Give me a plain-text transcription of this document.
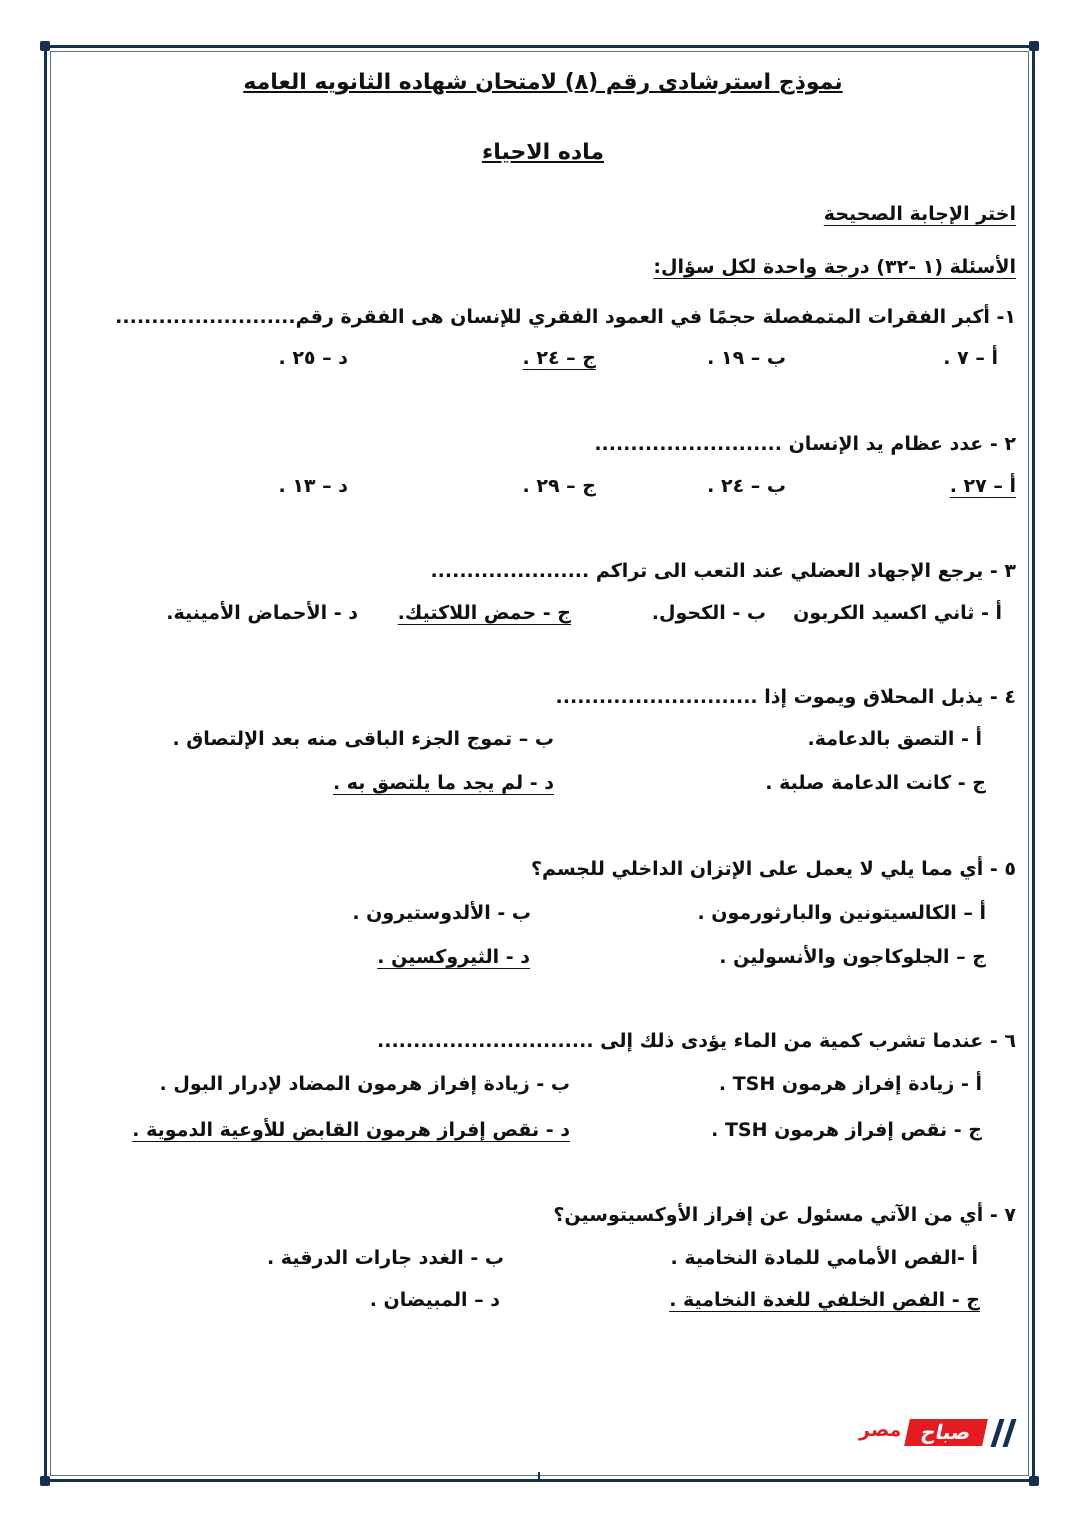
نموذج استرشادى رقم (٨) لامتحان شهاده الثانويه العامه
ماده الاحياء
اختر الإجابة الصحيحة
الأسئلة (١ -٣٢) درجة واحدة لكل سؤال:
١- أكبر الفقرات المتمفصلة حجمًا في العمود الفقري للإنسان هى الفقرة رقم.........................
أ – ٧ .
ب – ١٩ .
ج – ٢٤ .
د – ٢٥ .
٢ - عدد عظام يد الإنسان ..........................
أ – ٢٧ .
ب – ٢٤ .
ج – ٢٩ .
د – ١٣ .
٣ - يرجع الإجهاد العضلي عند التعب الى تراكم ......................
أ - ثاني اكسيد الكربون
ب - الكحول.
ج - حمض اللاكتيك.
د - الأحماض الأمينية.
٤ - يذبل المحلاق ويموت إذا ............................
أ - التصق بالدعامة.
ب – تموج الجزء الباقى منه بعد الإلتصاق .
ج - كانت الدعامة صلبة .
د - لم يجد ما يلتصق به .
٥ - أي مما يلي لا يعمل على الإتزان الداخلي للجسم؟
أ – الكالسيتونين والبارثورمون .
ب - الألدوستيرون .
ج – الجلوكاجون والأنسولين .
د - الثيروكسين .
٦ - عندما تشرب كمية من الماء يؤدى ذلك إلى ..............................
أ - زيادة إفراز هرمون TSH .
ب - زيادة إفراز هرمون المضاد لإدرار البول .
ج - نقص إفراز هرمون TSH .
د - نقص إفراز هرمون القابض للأوعية الدموية .
٧ - أي من الآتي مسئول عن إفراز الأوكسيتوسين؟
أ -الفص الأمامي للمادة النخامية .
ب - الغدد جارات الدرقية .
ج - الفص الخلفي للغدة النخامية .
د – المبيضان .
مصر صباح
